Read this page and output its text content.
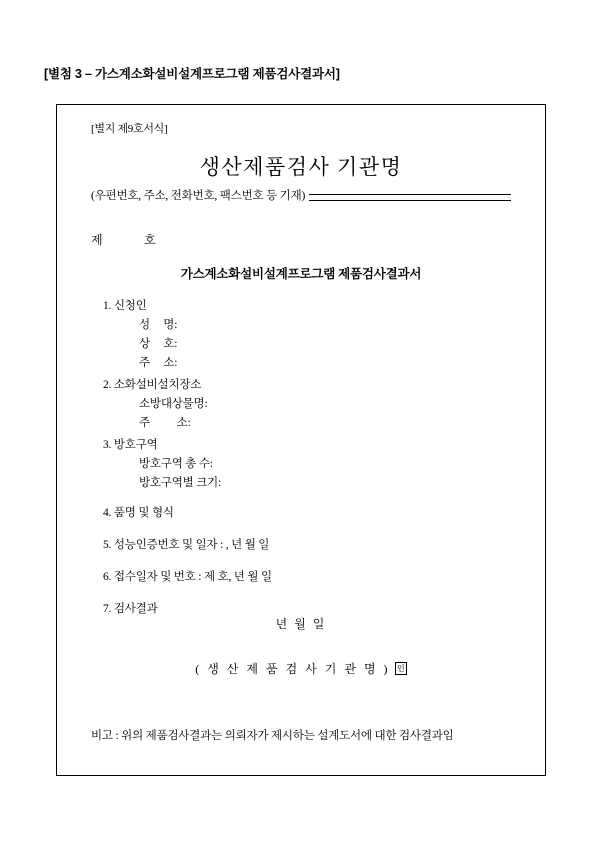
[별첨 3 – 가스계소화설비설계프로그램 제품검사결과서]
[별지 제9호서식]
생산제품검사 기관명
(우편번호, 주소, 전화번호, 팩스번호 등 기재)
제	호
가스계소화설비설계프로그램 제품검사결과서
1. 신청인
성     명:
상     호:
주     소:
2. 소화설비설치장소
소방대상물명:
주          소:
3. 방호구역
방호구역 총 수:
방호구역별 크기:
4. 품명 및 형식
5. 성능인증번호 및 일자 : , 년 월 일
6. 접수일자 및 번호 : 제 호, 년 월 일
7. 검사결과
년 월 일
( 생 산 제 품 검 사 기 관 명 ) 인
비고 : 위의 제품검사결과는 의뢰자가 제시하는 설계도서에 대한 검사결과임
